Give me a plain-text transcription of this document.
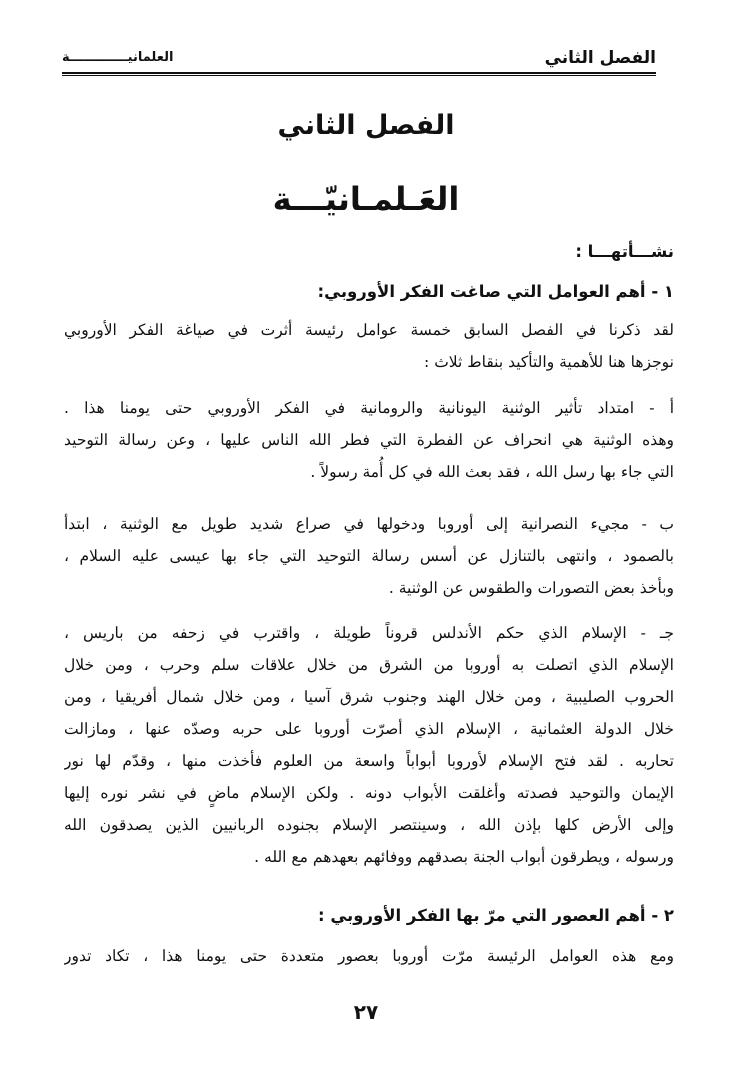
الفصل الثاني
العلمانيـــــــــــــة
الفصل الثاني
العَـلمـانيّـــة
نشـــأتهـــا :
١ - أهم العوامل التي صاغت الفكر الأوروبي:
لقد ذكرنا في الفصل السابق خمسة عوامل رئيسة أثرت في صياغة الفكر الأوروبي
نوجزها هنا للأهمية والتأكيد بنقاط ثلاث :
أ - امتداد تأثير الوثنية اليونانية والرومانية في الفكر الأوروبي حتى يومنا هذا .
وهذه الوثنية هي انحراف عن الفطرة التي فطر الله الناس عليها ، وعن رسالة التوحيد
التي جاء بها رسل الله ، فقد بعث الله في كل أُمة رسولاً .
ب - مجيء النصرانية إلى أوروبا ودخولها في صراع شديد طويل مع الوثنية ، ابتدأ
بالصمود ، وانتهى بالتنازل عن أسس رسالة التوحيد التي جاء بها عيسى عليه السلام ،
وبأخذ بعض التصورات والطقوس عن الوثنية .
جـ - الإسلام الذي حكم الأندلس قروناً طويلة ، واقترب في زحفه من باريس ،
الإسلام الذي اتصلت به أوروبا من الشرق من خلال علاقات سلم وحرب ، ومن خلال
الحروب الصليبية ، ومن خلال الهند وجنوب شرق آسيا ، ومن خلال شمال أفريقيا ، ومن
خلال الدولة العثمانية ، الإسلام الذي أصرّت أوروبا على حربه وصدّه عنها ، ومازالت
تحاربه . لقد فتح الإسلام لأوروبا أبواباً واسعة من العلوم فأخذت منها ، وقدّم لها نور
الإيمان والتوحيد فصدته وأغلقت الأبواب دونه . ولكن الإسلام ماضٍ في نشر نوره إليها
وإلى الأرض كلها بإذن الله ، وسينتصر الإسلام بجنوده الربانيين الذين يصدقون الله
ورسوله ، ويطرقون أبواب الجنة بصدقهم ووفائهم بعهدهم مع الله .
٢ - أهم العصور التي مرّ بها الفكر الأوروبي :
ومع هذه العوامل الرئيسة مرّت أوروبا بعصور متعددة حتى يومنا هذا ، تكاد تدور
٢٧
